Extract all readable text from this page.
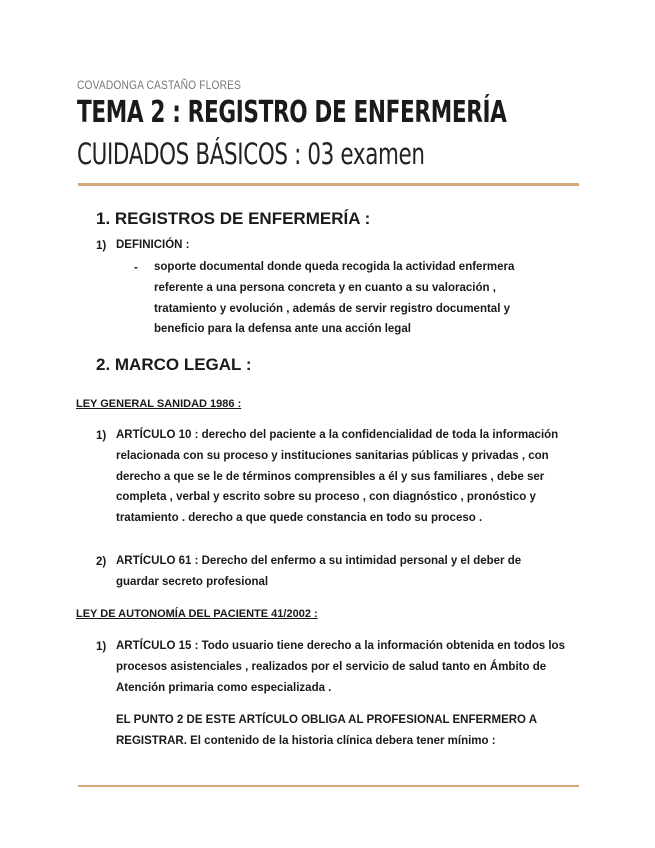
COVADONGA CASTAÑO FLORES
TEMA 2 : REGISTRO DE ENFERMERÍA
CUIDADOS BÁSICOS : 03 examen
1. REGISTROS DE ENFERMERÍA :
1) DEFINICIÓN :
- soporte documental donde queda recogida la actividad enfermera referente a una persona concreta y en cuanto a su valoración , tratamiento y evolución , además de servir registro documental y beneficio para la defensa ante una acción legal
2. MARCO LEGAL :
LEY GENERAL SANIDAD 1986 :
1) ARTÍCULO 10 : derecho del paciente a la confidencialidad de toda la información relacionada con su proceso y instituciones sanitarias públicas y privadas , con derecho a que se le de términos comprensibles a él y sus familiares , debe ser completa , verbal y escrito sobre su proceso , con diagnóstico , pronóstico y tratamiento . derecho a que quede constancia en todo su proceso .
2) ARTÍCULO 61 : Derecho del enfermo a su intimidad personal y el deber de guardar secreto profesional
LEY DE AUTONOMÍA DEL PACIENTE 41/2002 :
1) ARTÍCULO 15 : Todo usuario tiene derecho a la información obtenida en todos los procesos asistenciales , realizados por el servicio de salud tanto en Ámbito de Atención primaria como especializada .
EL PUNTO 2 DE ESTE ARTÍCULO OBLIGA AL PROFESIONAL ENFERMERO A REGISTRAR. El contenido de la historia clínica debera tener mínimo :
